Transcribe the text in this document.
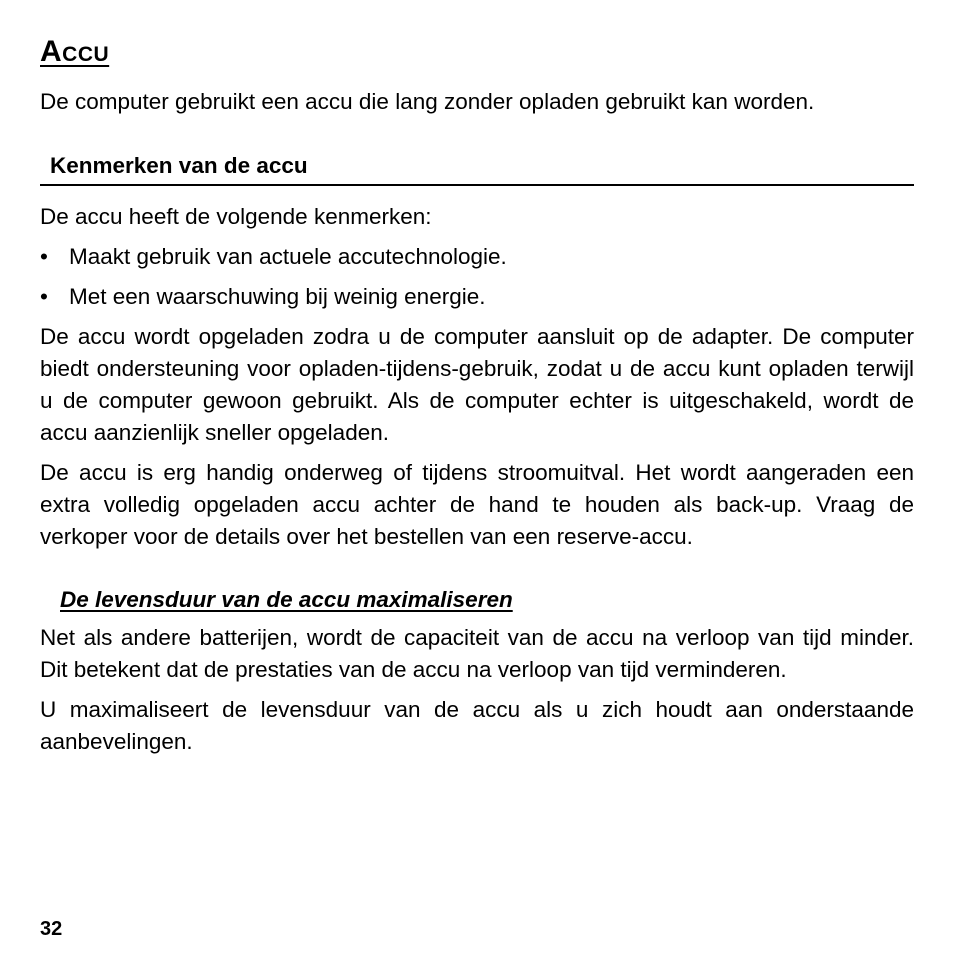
Accu

De computer gebruikt een accu die lang zonder opladen gebruikt kan worden.

Kenmerken van de accu

De accu heeft de volgende kenmerken:

• Maakt gebruik van actuele accutechnologie.
• Met een waarschuwing bij weinig energie.

De accu wordt opgeladen zodra u de computer aansluit op de adapter. De computer biedt ondersteuning voor opladen-tijdens-gebruik, zodat u de accu kunt opladen terwijl u de computer gewoon gebruikt. Als de computer echter is uitgeschakeld, wordt de accu aanzienlijk sneller opgeladen.

De accu is erg handig onderweg of tijdens stroomuitval. Het wordt aangeraden een extra volledig opgeladen accu achter de hand te houden als back-up. Vraag de verkoper voor de details over het bestellen van een reserve-accu.

De levensduur van de accu maximaliseren

Net als andere batterijen, wordt de capaciteit van de accu na verloop van tijd minder. Dit betekent dat de prestaties van de accu na verloop van tijd verminderen.

U maximaliseert de levensduur van de accu als u zich houdt aan onderstaande aanbevelingen.

32
